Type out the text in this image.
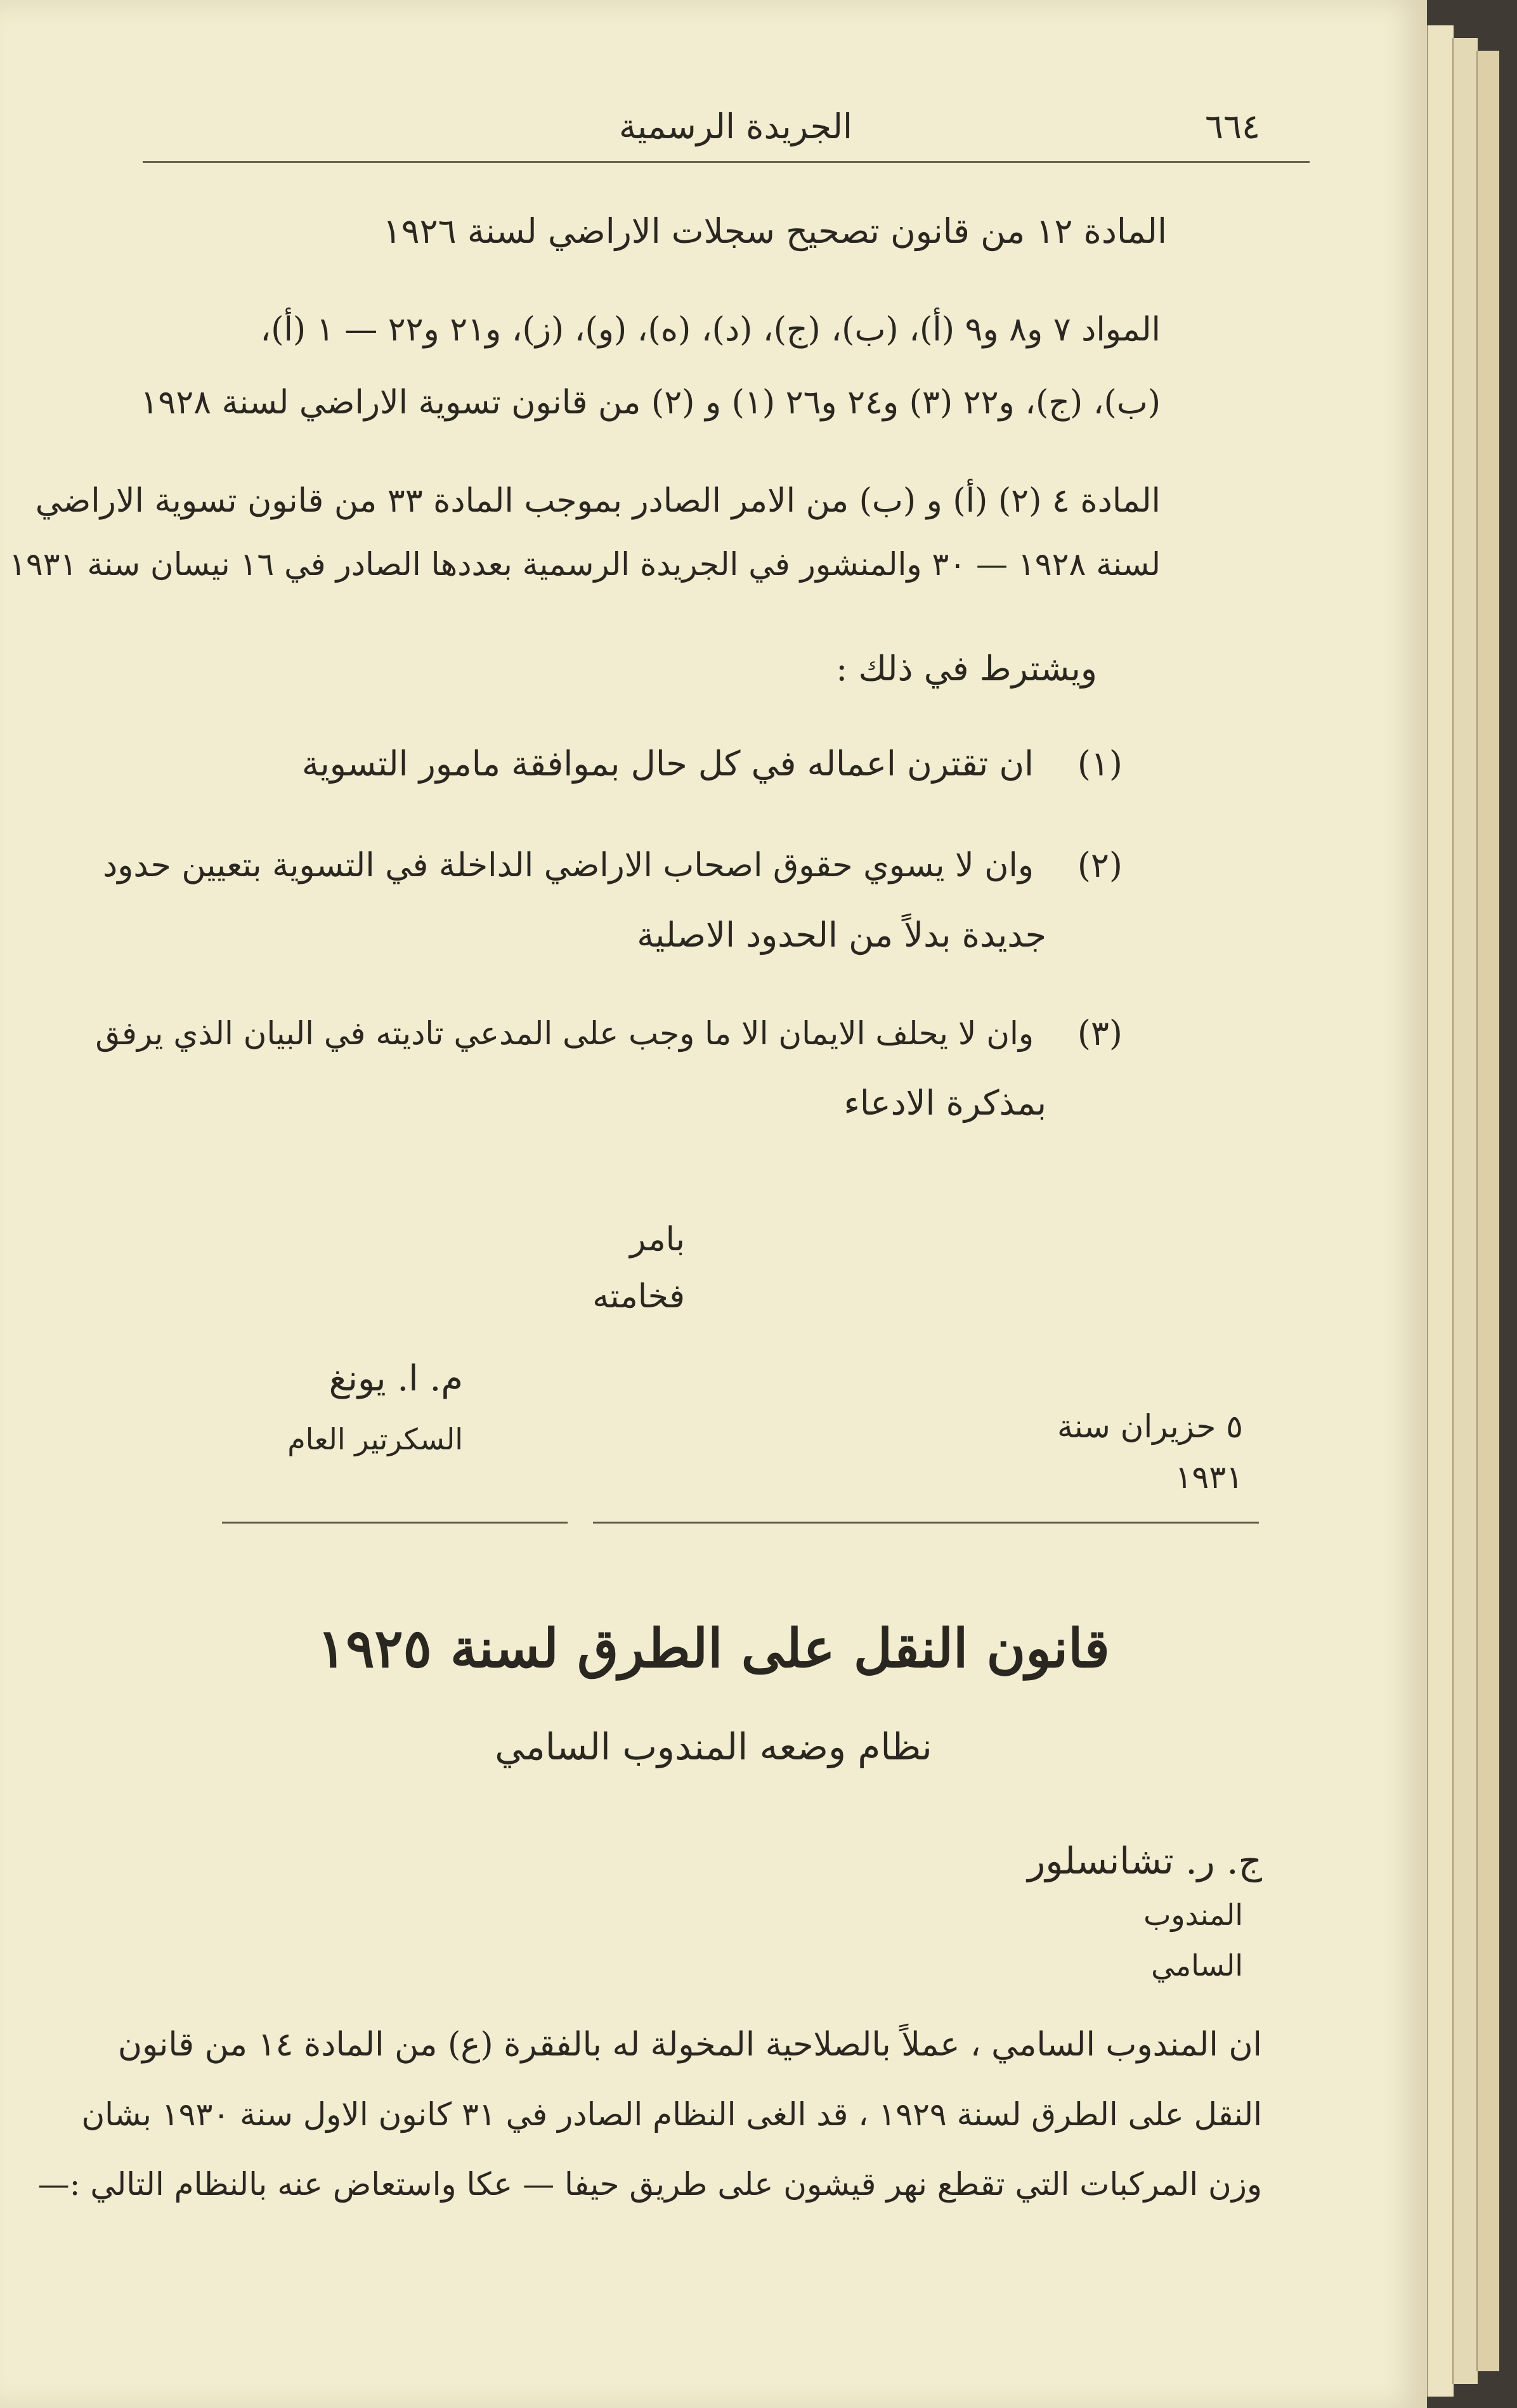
٦٦٤
الجريدة الرسمية
المادة ١٢ من قانون تصحيح سجلات الاراضي لسنة ١٩٢٦
المواد ٧ و٨ و٩ (أ)، (ب)، (ج)، (د)، (ه)، (و)، (ز)، و٢١ و٢٢ — ١ (أ)،
(ب)، (ج)، و٢٢ (٣) و٢٤ و٢٦ (١) و (٢) من قانون تسوية الاراضي لسنة ١٩٢٨
المادة ٤ (٢) (أ) و (ب) من الامر الصادر بموجب المادة ٣٣ من قانون تسوية الاراضي
لسنة ١٩٢٨ — ٣٠ والمنشور في الجريدة الرسمية بعددها الصادر في ١٦ نيسان سنة ١٩٣١
ويشترط في ذلك :
(١)
ان تقترن اعماله في كل حال بموافقة مامور التسوية
(٢)
وان لا يسوي حقوق اصحاب الاراضي الداخلة في التسوية بتعيين حدود
جديدة بدلاً من الحدود الاصلية
(٣)
وان لا يحلف الايمان الا ما وجب على المدعي تاديته في البيان الذي يرفق
بمذكرة الادعاء
بامر فخامته
م. ا. يونغ
السكرتير العام	٥ حزيران سنة ١٩٣١
قانون النقل على الطرق لسنة ١٩٢٥
نظام وضعه المندوب السامي
ج. ر. تشانسلور
المندوب السامي
ان المندوب السامي ، عملاً بالصلاحية المخولة له بالفقرة (ع) من المادة ١٤ من قانون
النقل على الطرق لسنة ١٩٢٩ ، قد الغى النظام الصادر في ٣١ كانون الاول سنة ١٩٣٠ بشان
وزن المركبات التي تقطع نهر قيشون على طريق حيفا — عكا واستعاض عنه بالنظام التالي :—
